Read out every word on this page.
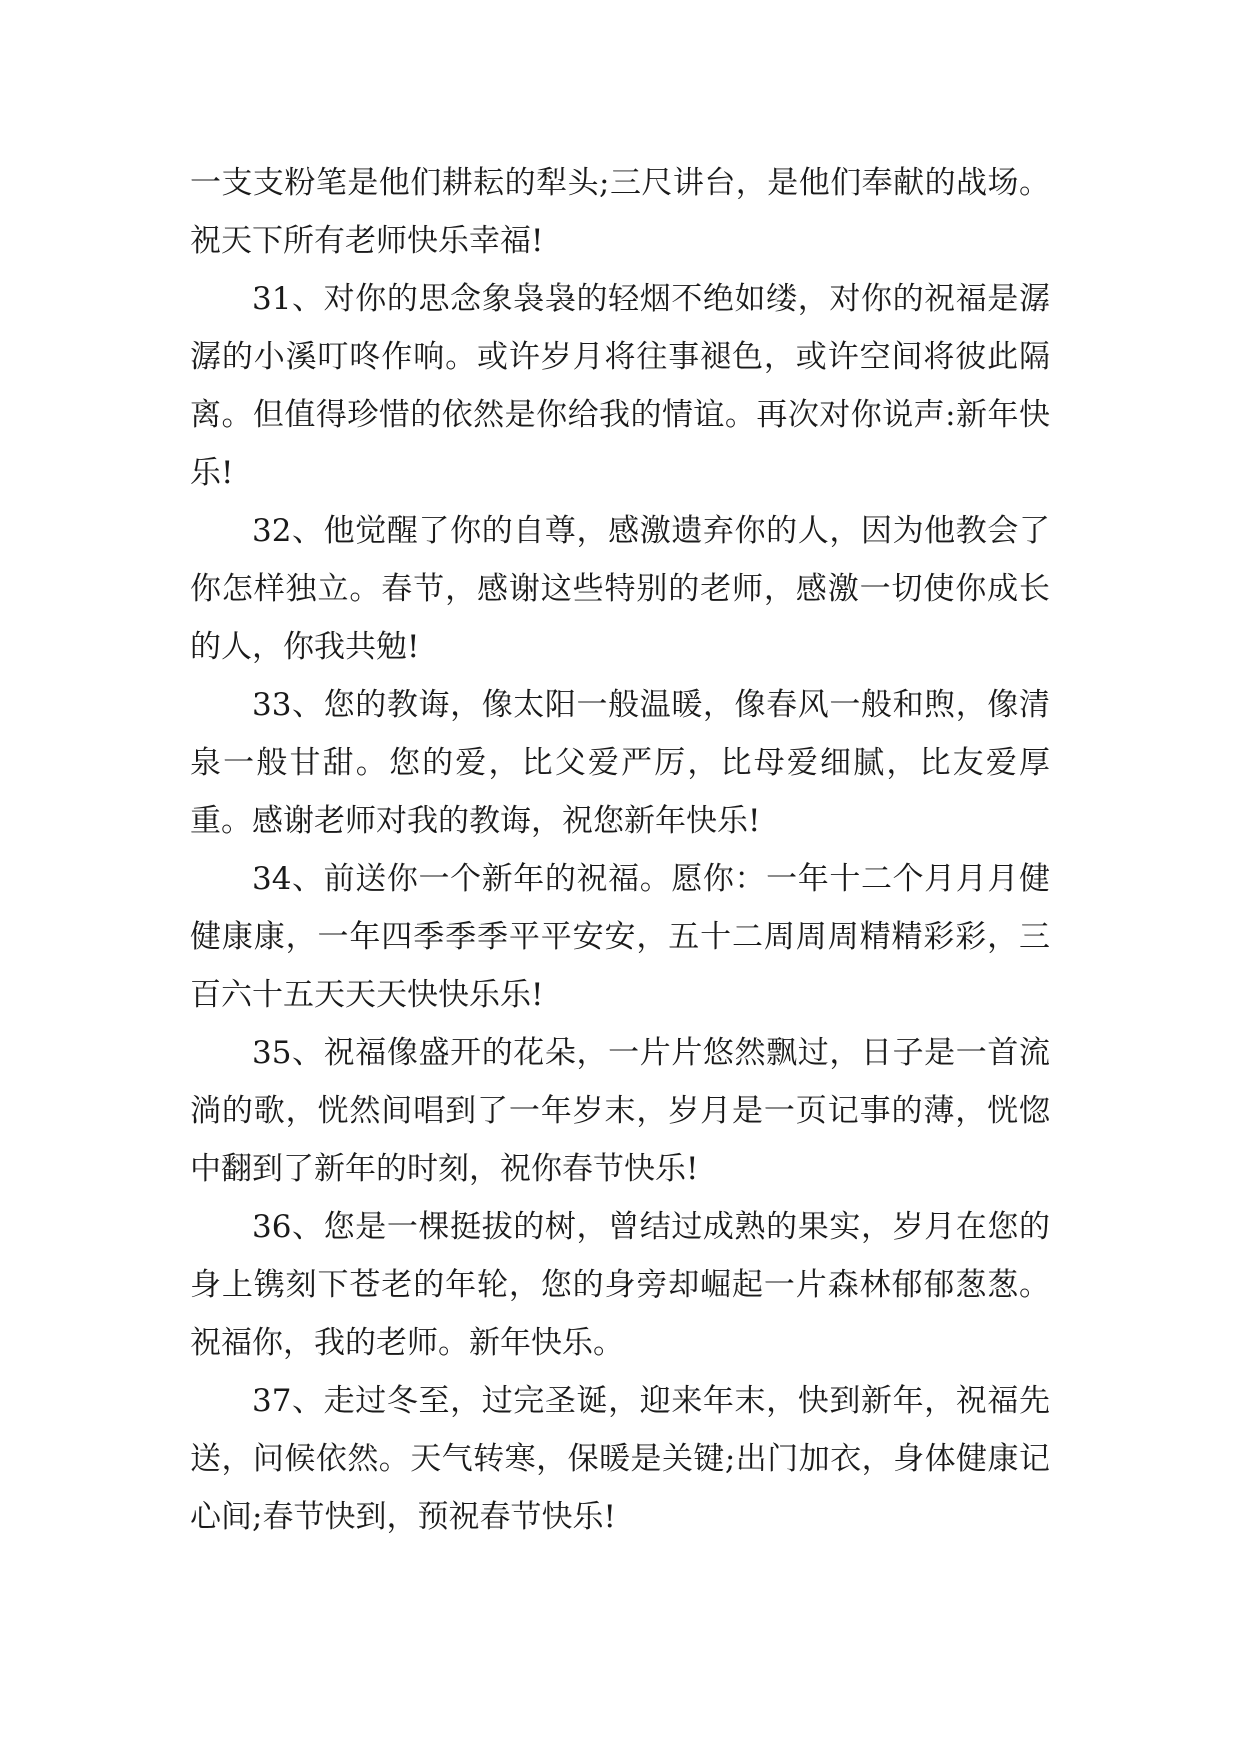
一支支粉笔是他们耕耘的犁头;三尺讲台，是他们奉献的战场。祝天下所有老师快乐幸福!

31、对你的思念象袅袅的轻烟不绝如缕，对你的祝福是潺潺的小溪叮咚作响。或许岁月将往事褪色，或许空间将彼此隔离。但值得珍惜的依然是你给我的情谊。再次对你说声:新年快乐!

32、他觉醒了你的自尊，感激遗弃你的人，因为他教会了你怎样独立。春节，感谢这些特别的老师，感激一切使你成长的人，你我共勉!

33、您的教诲，像太阳一般温暖，像春风一般和煦，像清泉一般甘甜。您的爱，比父爱严厉，比母爱细腻，比友爱厚重。感谢老师对我的教诲，祝您新年快乐!

34、前送你一个新年的祝福。愿你：一年十二个月月月健健康康，一年四季季季平平安安，五十二周周周精精彩彩，三百六十五天天天快快乐乐!

35、祝福像盛开的花朵，一片片悠然飘过，日子是一首流淌的歌，恍然间唱到了一年岁末，岁月是一页记事的薄，恍惚中翻到了新年的时刻，祝你春节快乐!

36、您是一棵挺拔的树，曾结过成熟的果实，岁月在您的身上镌刻下苍老的年轮，您的身旁却崛起一片森林郁郁葱葱。祝福你，我的老师。新年快乐。

37、走过冬至，过完圣诞，迎来年末，快到新年，祝福先送，问候依然。天气转寒，保暖是关键;出门加衣，身体健康记心间;春节快到，预祝春节快乐!
